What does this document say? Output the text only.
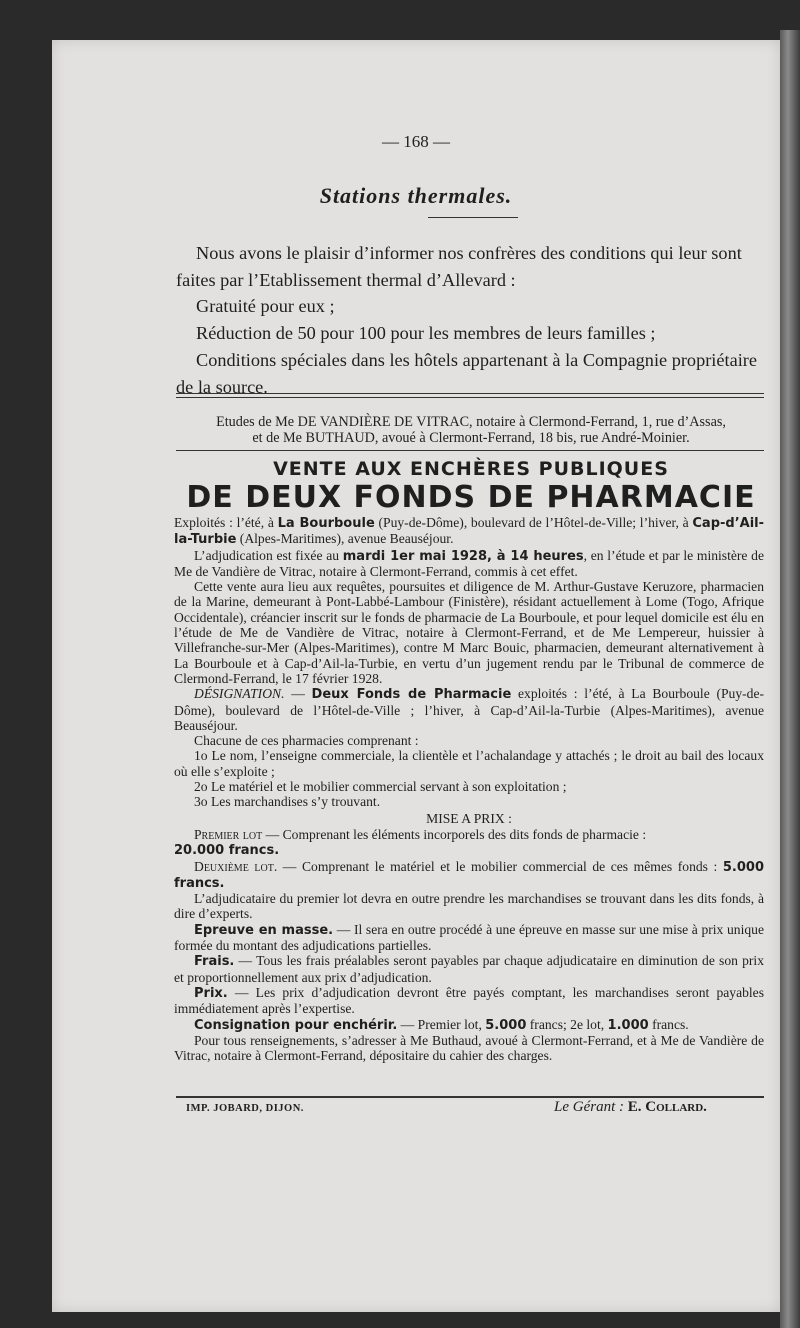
— 168 —
Stations thermales.

Nous avons le plaisir d’informer nos confrères des conditions qui leur sont faites par l’Etablissement thermal d’Allevard :

Gratuité pour eux ;

Réduction de 50 pour 100 pour les membres de leurs familles ;

Conditions spéciales dans les hôtels appartenant à la Compagnie propriétaire de la source.

Etudes de Me DE VANDIÈRE DE VITRAC, notaire à Clermond-Ferrand, 1, rue d’Assas,
et de Me BUTHAUD, avoué à Clermont-Ferrand, 18 bis, rue André-Moinier.
VENTE AUX ENCHÈRES PUBLIQUES
DE DEUX FONDS DE PHARMACIE

Exploités : l’été, à La Bourboule (Puy-de-Dôme), boulevard de l’Hôtel-de-Ville; l’hiver, à Cap-d’Ail-la-Turbie (Alpes-Maritimes), avenue Beauséjour.

L’adjudication est fixée au mardi 1er mai 1928, à 14 heures, en l’étude et par le ministère de Me de Vandière de Vitrac, notaire à Clermont-Ferrand, commis à cet effet.

Cette vente aura lieu aux requêtes, poursuites et diligence de M. Arthur-Gustave Keruzore, pharmacien de la Marine, demeurant à Pont-Labbé-Lambour (Finistère), résidant actuellement à Lome (Togo, Afrique Occidentale), créancier inscrit sur le fonds de pharmacie de La Bourboule, et pour lequel domicile est élu en l’étude de Me de Vandière de Vitrac, notaire à Clermont-Ferrand, et de Me Lempereur, huissier à Villefranche-sur-Mer (Alpes-Maritimes), contre M Marc Bouic, pharmacien, demeurant alternativement à La Bourboule et à Cap-d’Ail-la-Turbie, en vertu d’un jugement rendu par le Tribunal de commerce de Clermond-Ferrand, le 17 février 1928.

DÉSIGNATION. — Deux Fonds de Pharmacie exploités : l’été, à La Bourboule (Puy-de-Dôme), boulevard de l’Hôtel-de-Ville ; l’hiver, à Cap-d’Ail-la-Turbie (Alpes-Maritimes), avenue Beauséjour.

Chacune de ces pharmacies comprenant :

1o Le nom, l’enseigne commerciale, la clientèle et l’achalandage y attachés ; le droit au bail des locaux où elle s’exploite ;

2o Le matériel et le mobilier commercial servant à son exploitation ;

3o Les marchandises s’y trouvant.

MISE A PRIX :

Premier lot — Comprenant les éléments incorporels des dits fonds de pharmacie :
20.000 francs.

Deuxième lot. — Comprenant le matériel et le mobilier commercial de ces mêmes fonds : 5.000 francs.

L’adjudicataire du premier lot devra en outre prendre les marchandises se trouvant dans les dits fonds, à dire d’experts.

Epreuve en masse. — Il sera en outre procédé à une épreuve en masse sur une mise à prix unique formée du montant des adjudications partielles.

Frais. — Tous les frais préalables seront payables par chaque adjudicataire en diminution de son prix et proportionnellement aux prix d’adjudication.

Prix. — Les prix d’adjudication devront être payés comptant, les marchandises seront payables immédiatement après l’expertise.

Consignation pour enchérir. — Premier lot, 5.000 francs; 2e lot, 1.000 francs.

Pour tous renseignements, s’adresser à Me Buthaud, avoué à Clermont-Ferrand, et à Me de Vandière de Vitrac, notaire à Clermont-Ferrand, dépositaire du cahier des charges.

IMP. JOBARD, DIJON.	Le Gérant : E. Collard.
